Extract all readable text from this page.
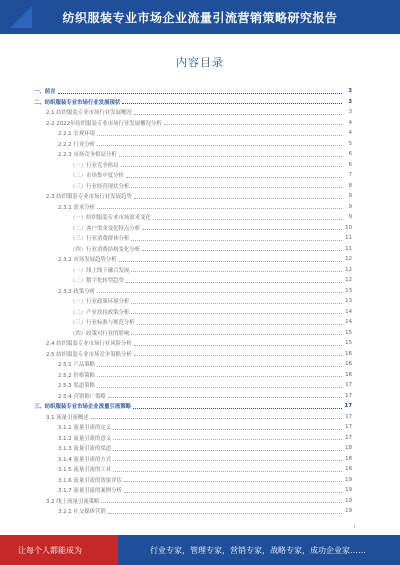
纺织服装专业市场企业流量引流营销策略研究报告
内容目录
一、前言	3
二、纺织服装专业市场行业发展现状	3
2.1 纺织服装专业市场行业发展概况	3
2.2 2022年纺织服装专业市场行业发展概况分析	4
2.2.1 宏观环境	4
2.2.2 行业分析	5
2.2.3 市场竞争格局分析	6
（一）行业竞争格局	6
（二）市场集中度分析	7
（三）行业经营现状分析	8
2.3 纺织服装专业市场行业发展趋势	9
2.3.1 需求分析	9
（一）纺织服装专业市场需求变化	9
（二）客户需求变化特点分析	10
（三）行业消费群体分析	11
（四）行业消费结构变化分析	11
2.3.2 市场发展趋势分析	12
（一）线上线下融合发展	12
（二）数字化转型趋势	12
2.3.3 政策分析	13
（一）行业政策环境分析	13
（二）产业扶持政策分析	14
（三）行业标准与规范分析	14
（四）政策对行业的影响	15
2.4 纺织服装专业市场行业风险分析	15
2.5 纺织服装专业市场竞争策略分析	16
2.5.1 产品策略	16
2.5.2 价格策略	16
2.5.3 渠道策略	17
2.5.4 营销推广策略	17
三、纺织服装专业市场企业流量引流策略	17
3.1 流量引流概述	17
3.1.1 流量引流的定义	17
3.1.2 流量引流的意义	17
3.1.3 流量引流的渠道	18
3.1.4 流量引流的方式	18
3.1.5 流量引流的工具	18
3.1.6 流量引流的效果评估	19
3.1.7 流量引流的案例分析	19
3.2 线上流量引流策略	19
3.2.1 社交媒体营销	19
1
让每个人都能成为	行业专家，管理专家，营销专家，战略专家，成功企业家……
